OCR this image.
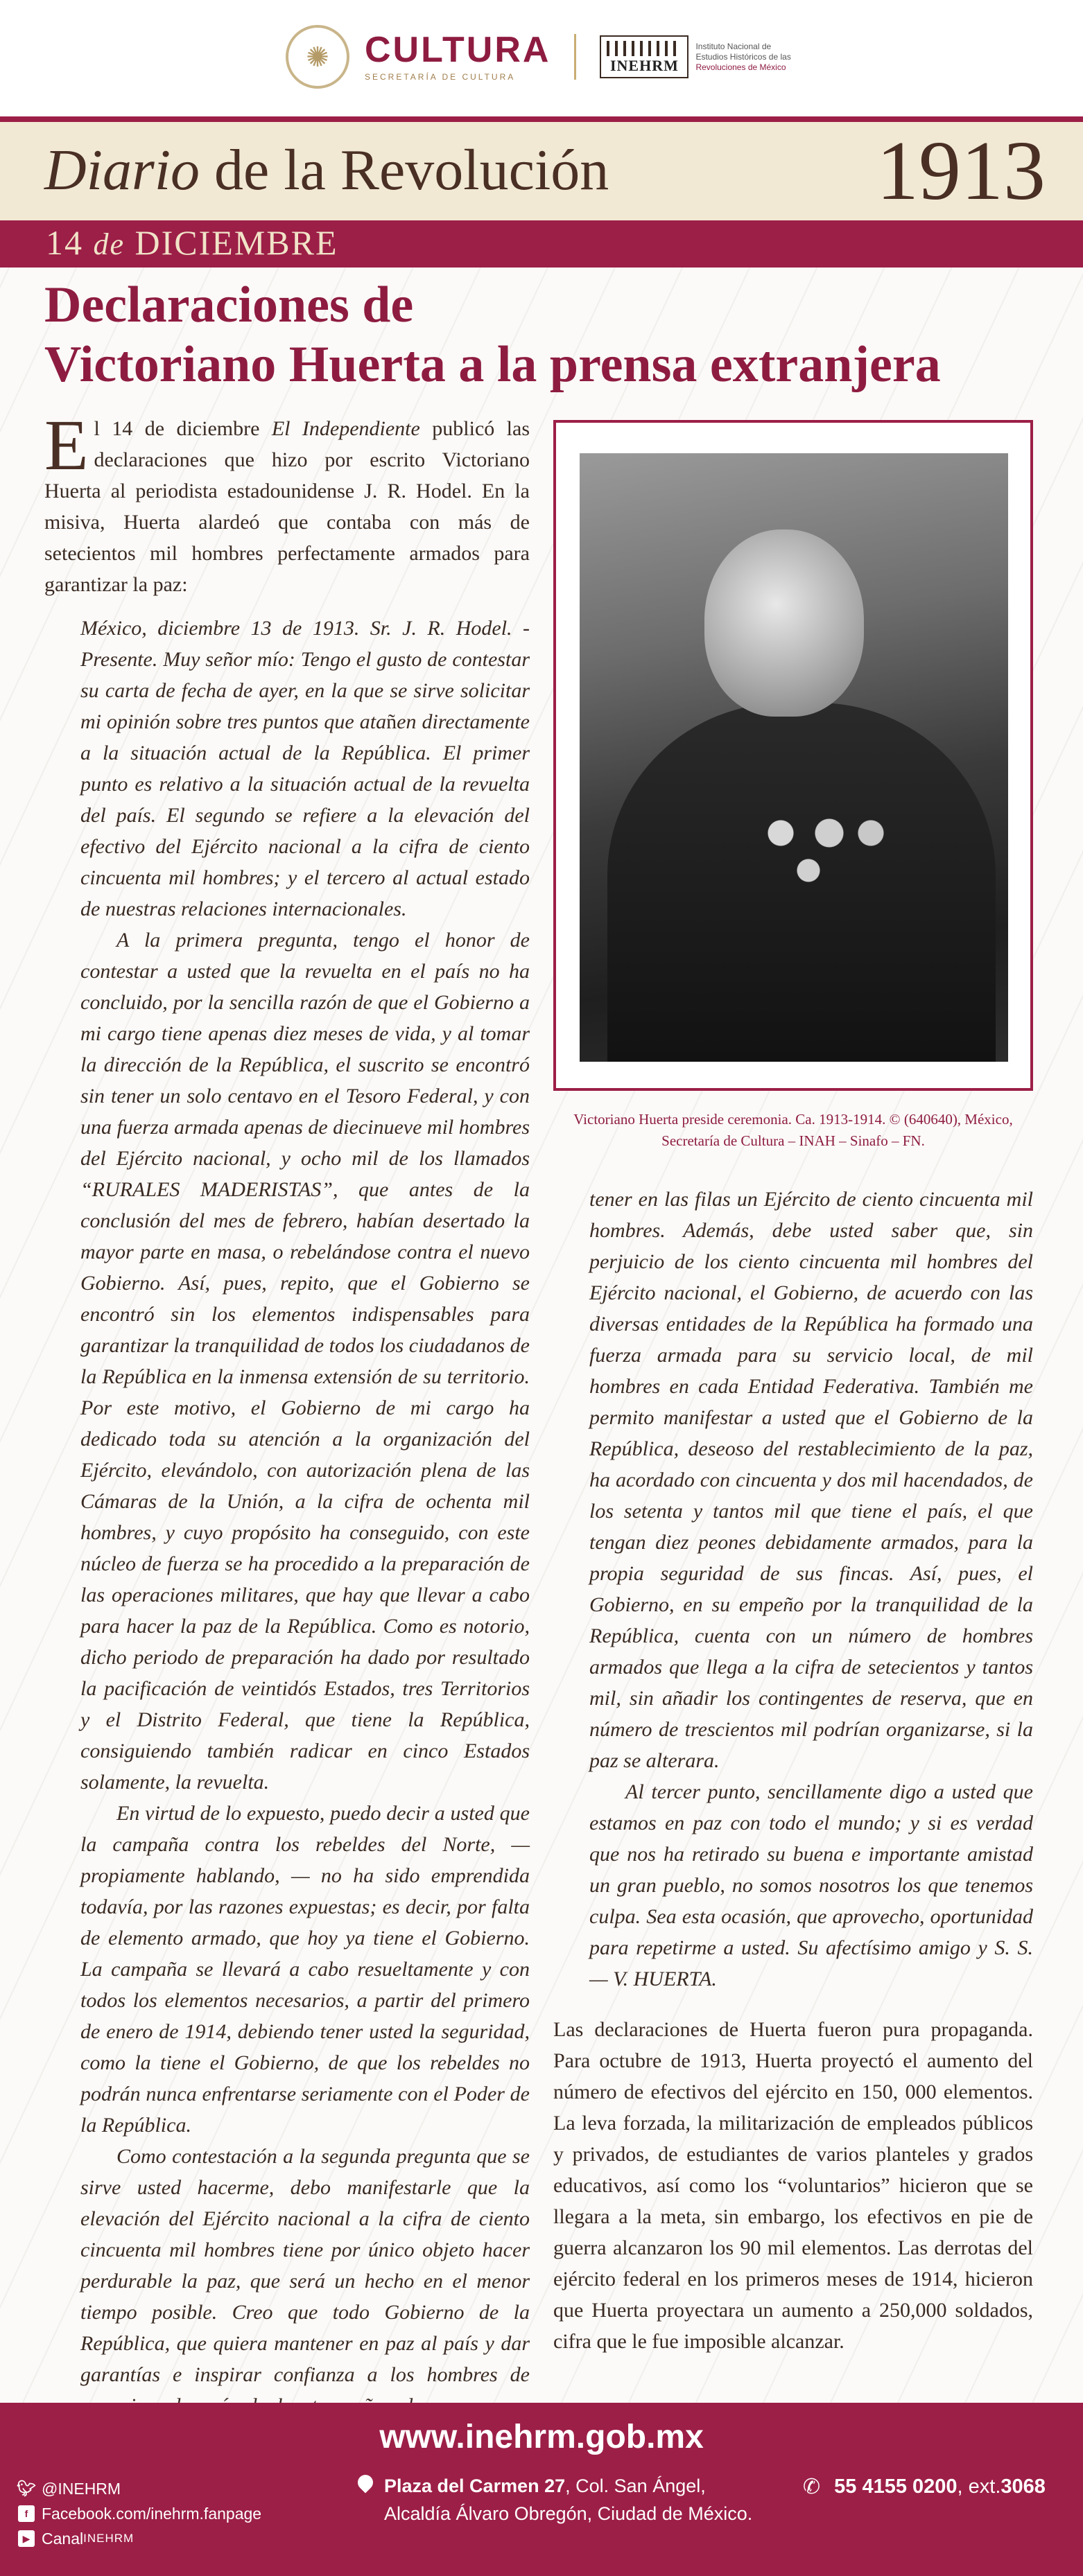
✺ CULTURA
SECRETARÍA DE CULTURA
INEHRM
Instituto Nacional de
Estudios Históricos de las
Revoluciones de México
Diario de la Revolución	1913
14 de DICIEMBRE
Declaraciones de
Victoriano Huerta a la prensa extranjera

El 14 de diciembre El Independiente publicó las declaraciones que hizo por escrito Victoriano Huerta al periodista estadounidense J. R. Hodel. En la misiva, Huerta alardeó que contaba con más de setecientos mil hombres perfectamente armados para garantizar la paz:

México, diciembre 13 de 1913. Sr. J. R. Hodel. -Presente. Muy señor mío: Tengo el gusto de contestar su carta de fecha de ayer, en la que se sirve solicitar mi opinión sobre tres puntos que atañen directamente a la situación actual de la República. El primer punto es relativo a la situación actual de la revuelta del país. El segundo se refiere a la elevación del efectivo del Ejército nacional a la cifra de ciento cincuenta mil hombres; y el tercero al actual estado de nuestras relaciones internacionales.

A la primera pregunta, tengo el honor de contestar a usted que la revuelta en el país no ha concluido, por la sencilla razón de que el Gobierno a mi cargo tiene apenas diez meses de vida, y al tomar la dirección de la República, el suscrito se encontró sin tener un solo centavo en el Tesoro Federal, y con una fuerza armada apenas de diecinueve mil hombres del Ejército nacional, y ocho mil de los llamados “RURALES MADERISTAS”, que antes de la conclusión del mes de febrero, habían desertado la mayor parte en masa, o rebelándose contra el nuevo Gobierno. Así, pues, repito, que el Gobierno se encontró sin los elementos indispensables para garantizar la tranquilidad de todos los ciudadanos de la República en la inmensa extensión de su territorio. Por este motivo, el Gobierno de mi cargo ha dedicado toda su atención a la organización del Ejército, elevándolo, con autorización plena de las Cámaras de la Unión, a la cifra de ochenta mil hombres, y cuyo propósito ha conseguido, con este núcleo de fuerza se ha procedido a la preparación de las operaciones militares, que hay que llevar a cabo para hacer la paz de la República. Como es notorio, dicho periodo de preparación ha dado por resultado la pacificación de veintidós Estados, tres Territorios y el Distrito Federal, que tiene la República, consiguiendo también radicar en cinco Estados solamente, la revuelta.

En virtud de lo expuesto, puedo decir a usted que la campaña contra los rebeldes del Norte, —propiamente hablando, — no ha sido emprendida todavía, por las razones expuestas; es decir, por falta de elemento armado, que hoy ya tiene el Gobierno. La campaña se llevará a cabo resueltamente y con todos los elementos necesarios, a partir del primero de enero de 1914, debiendo tener usted la seguridad, como la tiene el Gobierno, de que los rebeldes no podrán nunca enfrentarse seriamente con el Poder de la República.

Como contestación a la segunda pregunta que se sirve usted hacerme, debo manifestarle que la elevación del Ejército nacional a la cifra de ciento cincuenta mil hombres tiene por único objeto hacer perdurable la paz, que será un hecho en el menor tiempo posible. Creo que todo Gobierno de la República, que quiera mantener en paz al país y dar garantías e inspirar confianza a los hombres de

Victoriano Huerta preside ceremonia. Ca. 1913-1914. © (640640), México, Secretaría de Cultura – INAH – Sinafo – FN.

tener en las filas un Ejército de ciento cincuenta mil hombres. Además, debe usted saber que, sin perjuicio de los ciento cincuenta mil hombres del Ejército nacional, el Gobierno, de acuerdo con las diversas entidades de la República ha formado una fuerza armada para su servicio local, de mil hombres en cada Entidad Federativa. También me permito manifestar a usted que el Gobierno de la República, deseoso del restablecimiento de la paz, ha acordado con cincuenta y dos mil hacendados, de los setenta y tantos mil que tiene el país, el que tengan diez peones debidamente armados, para la propia seguridad de sus fincas. Así, pues, el Gobierno, en su empeño por la tranquilidad de la República, cuenta con un número de hombres armados que llega a la cifra de setecientos y tantos mil, sin añadir los contingentes de reserva, que en número de trescientos mil podrían organizarse, si la paz se alterara.

Al tercer punto, sencillamente digo a usted que estamos en paz con todo el mundo; y si es verdad que nos ha retirado su buena e importante amistad un gran pueblo, no somos nosotros los que tenemos culpa. Sea esta ocasión, que aprovecho, oportunidad para repetirme a usted. Su afectísimo amigo y S. S. — V. HUERTA.

Las declaraciones de Huerta fueron pura propaganda. Para octubre de 1913, Huerta proyectó el aumento del número de efectivos del ejército en 150, 000 elementos. La leva forzada, la militarización de empleados públicos y privados, de estudiantes de varios planteles y grados educativos, así como los “voluntarios” hicieron que se llegara a la meta, sin embargo, los efectivos en pie de guerra alcanzaron los 90 mil elementos. Las derrotas del ejército federal en los primeros meses de 1914, hicieron que Huerta proyectara un aumento a 250,000 soldados, cifra que le fue imposible alcanzar.

www.inehrm.gob.mx
🐦︎ @INEHRM
f Facebook.com/inehrm.fanpage
▶ Canal INEHRM
Plaza del Carmen 27, Col. San Ángel,
Alcaldía Álvaro Obregón, Ciudad de México.
✆ 55 4155 0200 , ext. 3068
